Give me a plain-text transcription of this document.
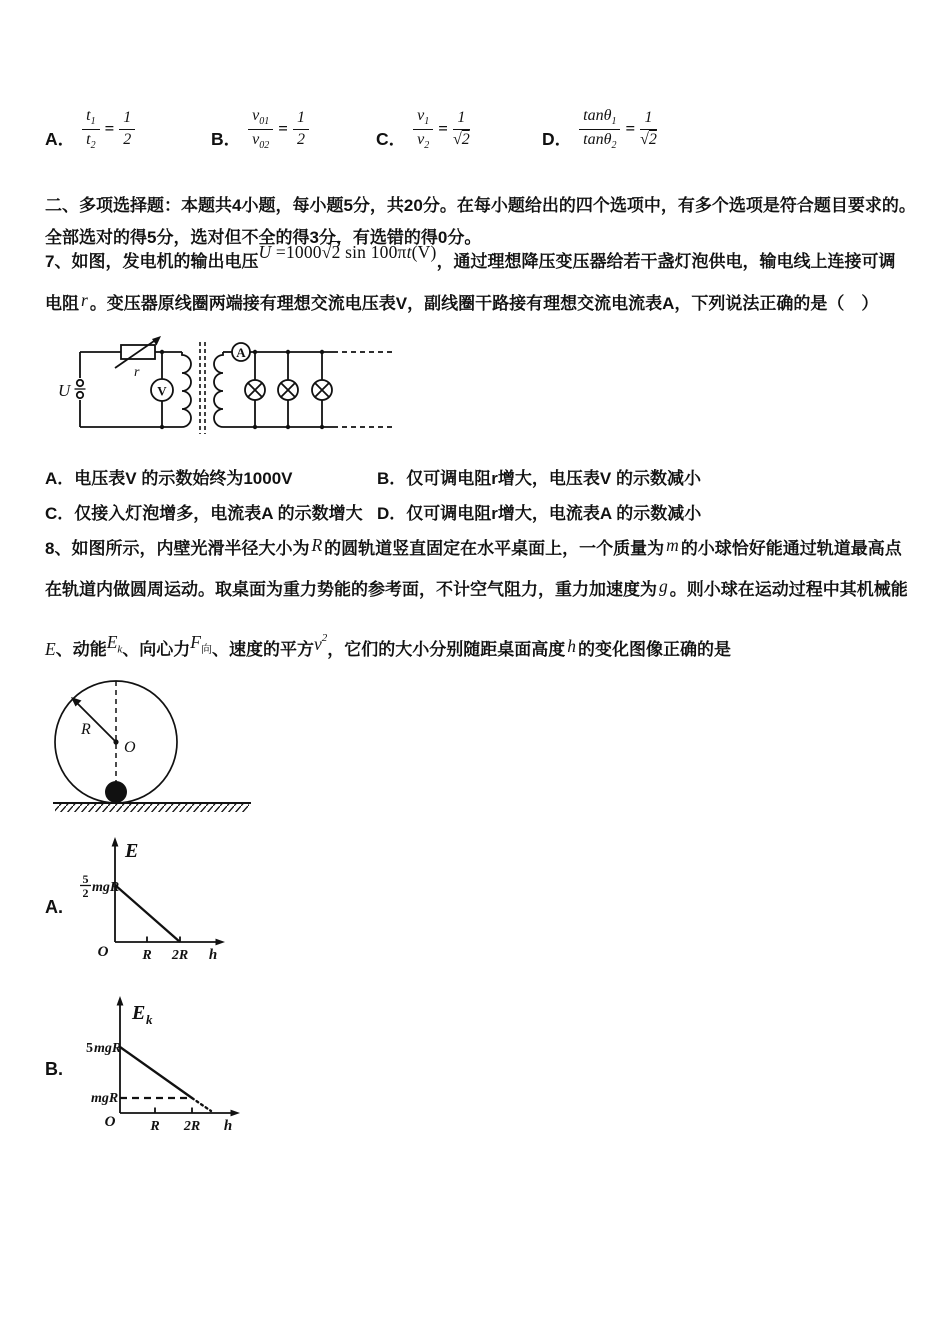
A． $\frac{t_1}{t_2} = \frac{1}{2}$	B． $\frac{v_{01}}{v_{02}} = \frac{1}{2}$	C． $\frac{v_1}{v_2} = \frac{1}{√2}$	D． $\frac{\tan\theta_1}{\tan\theta_2} = \frac{1}{√2}$
二、多项选择题：本题共4小题，每小题5分，共20分。在每小题给出的四个选项中，有多个选项是符合题目要求的。
全部选对的得5分，选对但不全的得3分，有选错的得0分。
7、如图，发电机的输出电压U =1000√2 sin 100πt(V)，通过理想降压变压器给若干盏灯泡供电，输电线上连接可调
电阻 r 。变压器原线圈两端接有理想交流电压表V，副线圈干路接有理想交流电流表A，下列说法正确的是（　）
U
r
V
A
A．电压表V 的示数始终为1000V	B．仅可调电阻r增大，电压表V 的示数减小
C．仅接入灯泡增多，电流表A 的示数增大 D．仅可调电阻r增大，电流表A 的示数减小
8、如图所示，内壁光滑半径大小为 R 的圆轨道竖直固定在水平桌面上，一个质量为 m 的小球恰好能通过轨道最高点
在轨道内做圆周运动。取桌面为重力势能的参考面，不计空气阻力，重力加速度为 g 。则小球在运动过程中其机械能
E、动能$E_k$、向心力$F_向$、速度的平方$v^2$，它们的大小分别随距桌面高度 h 的变化图像正确的是
R
O
A.
E
5
2 mgR
O R 2R h
B.
E k
5 mgR
mgR
O R 2R h
